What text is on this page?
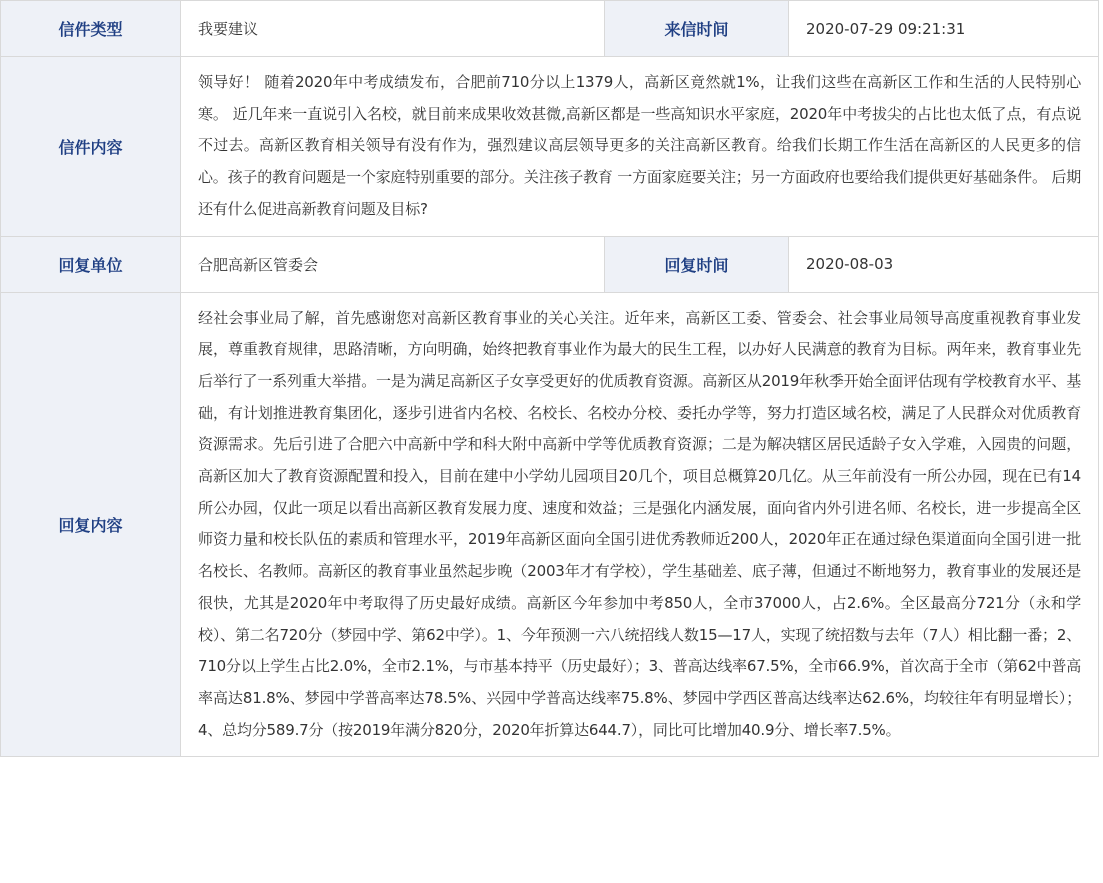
信件类型	我要建议	来信时间	2020-07-29 09:21:31
信件内容	领导好！ 随着2020年中考成绩发布，合肥前710分以上1379人，高新区竟然就1%，让我们这些在高新区工作和生活的人民特别心寒。 近几年来一直说引入名校，就目前来成果收效甚微,高新区都是一些高知识水平家庭，2020年中考拔尖的占比也太低了点，有点说不过去。高新区教育相关领导有没有作为，强烈建议高层领导更多的关注高新区教育。给我们长期工作生活在高新区的人民更多的信心。孩子的教育问题是一个家庭特别重要的部分。关注孩子教育 一方面家庭要关注；另一方面政府也要给我们提供更好基础条件。 后期还有什么促进高新教育问题及目标?		
回复单位	合肥高新区管委会	回复时间	2020-08-03
回复内容	经社会事业局了解，首先感谢您对高新区教育事业的关心关注。近年来，高新区工委、管委会、社会事业局领导高度重视教育事业发展，尊重教育规律，思路清晰，方向明确，始终把教育事业作为最大的民生工程，以办好人民满意的教育为目标。两年来，教育事业先后举行了一系列重大举措。一是为满足高新区子女享受更好的优质教育资源。高新区从2019年秋季开始全面评估现有学校教育水平、基础，有计划推进教育集团化，逐步引进省内名校、名校长、名校办分校、委托办学等，努力打造区域名校，满足了人民群众对优质教育资源需求。先后引进了合肥六中高新中学和科大附中高新中学等优质教育资源；二是为解决辖区居民适龄子女入学难，入园贵的问题，高新区加大了教育资源配置和投入，目前在建中小学幼儿园项目20几个，项目总概算20几亿。从三年前没有一所公办园，现在已有14所公办园，仅此一项足以看出高新区教育发展力度、速度和效益；三是强化内涵发展，面向省内外引进名师、名校长，进一步提高全区师资力量和校长队伍的素质和管理水平，2019年高新区面向全国引进优秀教师近200人，2020年正在通过绿色渠道面向全国引进一批名校长、名教师。高新区的教育事业虽然起步晚（2003年才有学校），学生基础差、底子薄，但通过不断地努力，教育事业的发展还是很快，尤其是2020年中考取得了历史最好成绩。高新区今年参加中考850人，全市37000人，占2.6%。全区最高分721分（永和学校）、第二名720分（梦园中学、第62中学）。1、今年预测一六八统招线人数15—17人，实现了统招数与去年（7人）相比翻一番；2、710分以上学生占比2.0%，全市2.1%，与市基本持平（历史最好）；3、普高达线率67.5%，全市66.9%，首次高于全市（第62中普高率高达81.8%、梦园中学普高率达78.5%、兴园中学普高达线率75.8%、梦园中学西区普高达线率达62.6%，均较往年有明显增长）；4、总均分589.7分（按2019年满分820分，2020年折算达644.7），同比可比增加40.9分、增长率7.5%。		
